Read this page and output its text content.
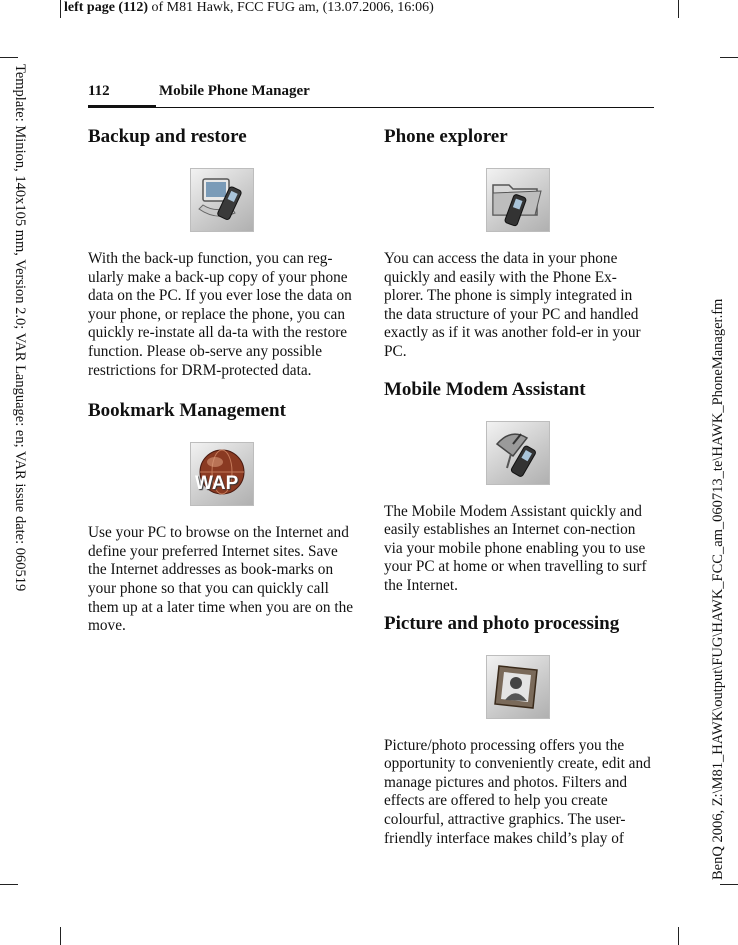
left page (112) of M81 Hawk, FCC FUG am, (13.07.2006, 16:06)
Template: Minion, 140x105 mm, Version 2.0; VAR Language: en; VAR issue date: 060519	BenQ 2006, Z:\M81_HAWK\output\FUG\HAWK_FCC_am_060713_te\HAWK_PhoneManager.fm
112	Mobile Phone Manager
Backup and restore

With the back-up function, you can reg-ularly make a back-up copy of your phone data on the PC. If you ever lose the data on your phone, or replace the phone, you can quickly re-instate all da-ta with the restore function. Please ob-serve any possible restrictions for DRM-protected data.

Bookmark Management
WAP

Use your PC to browse on the Internet and define your preferred Internet sites. Save the Internet addresses as book-marks on your phone so that you can quickly call them up at a later time when you are on the move.

Phone explorer

You can access the data in your phone quickly and easily with the Phone Ex-plorer. The phone is simply integrated in the data structure of your PC and handled exactly as if it was another fold-er in your PC.

Mobile Modem Assistant

The Mobile Modem Assistant quickly and easily establishes an Internet con-nection via your mobile phone enabling you to use your PC at home or when travelling to surf the Internet.

Picture and photo processing

Picture/photo processing offers you the opportunity to conveniently create, edit and manage pictures and photos. Filters and effects are offered to help you create colourful, attractive graphics. The user-friendly interface makes child’s play of
